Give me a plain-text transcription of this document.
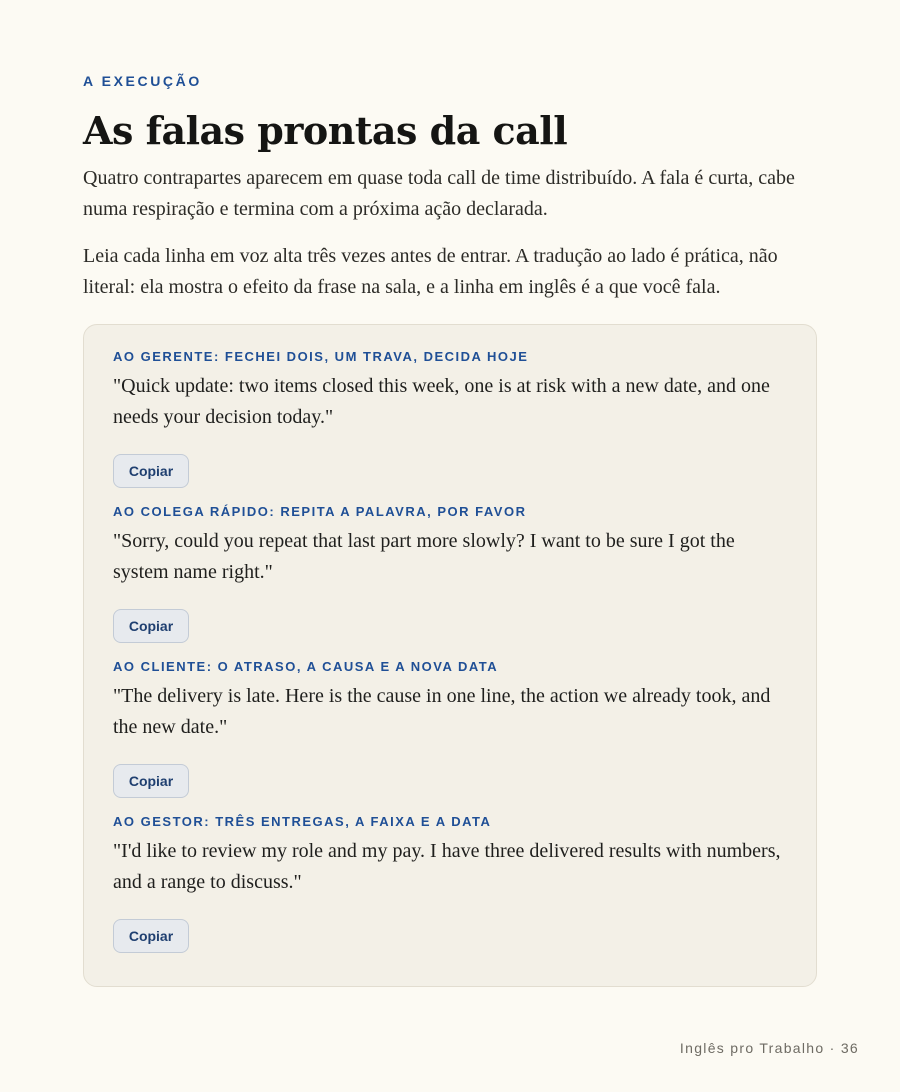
A EXECUÇÃO
As falas prontas da call

Quatro contrapartes aparecem em quase toda call de time distribuído. A fala é curta, cabe numa respiração e termina com a próxima ação declarada.

Leia cada linha em voz alta três vezes antes de entrar. A tradução ao lado é prática, não literal: ela mostra o efeito da frase na sala, e a linha em inglês é a que você fala.

AO GERENTE: FECHEI DOIS, UM TRAVA, DECIDA HOJE
"Quick update: two items closed this week, one is at risk with a new date, and one needs your decision today."
Copiar
AO COLEGA RÁPIDO: REPITA A PALAVRA, POR FAVOR
"Sorry, could you repeat that last part more slowly? I want to be sure I got the system name right."
Copiar
AO CLIENTE: O ATRASO, A CAUSA E A NOVA DATA
"The delivery is late. Here is the cause in one line, the action we already took, and the new date."
Copiar
AO GESTOR: TRÊS ENTREGAS, A FAIXA E A DATA
"I'd like to review my role and my pay. I have three delivered results with numbers, and a range to discuss."
Copiar
Inglês pro Trabalho · 36
